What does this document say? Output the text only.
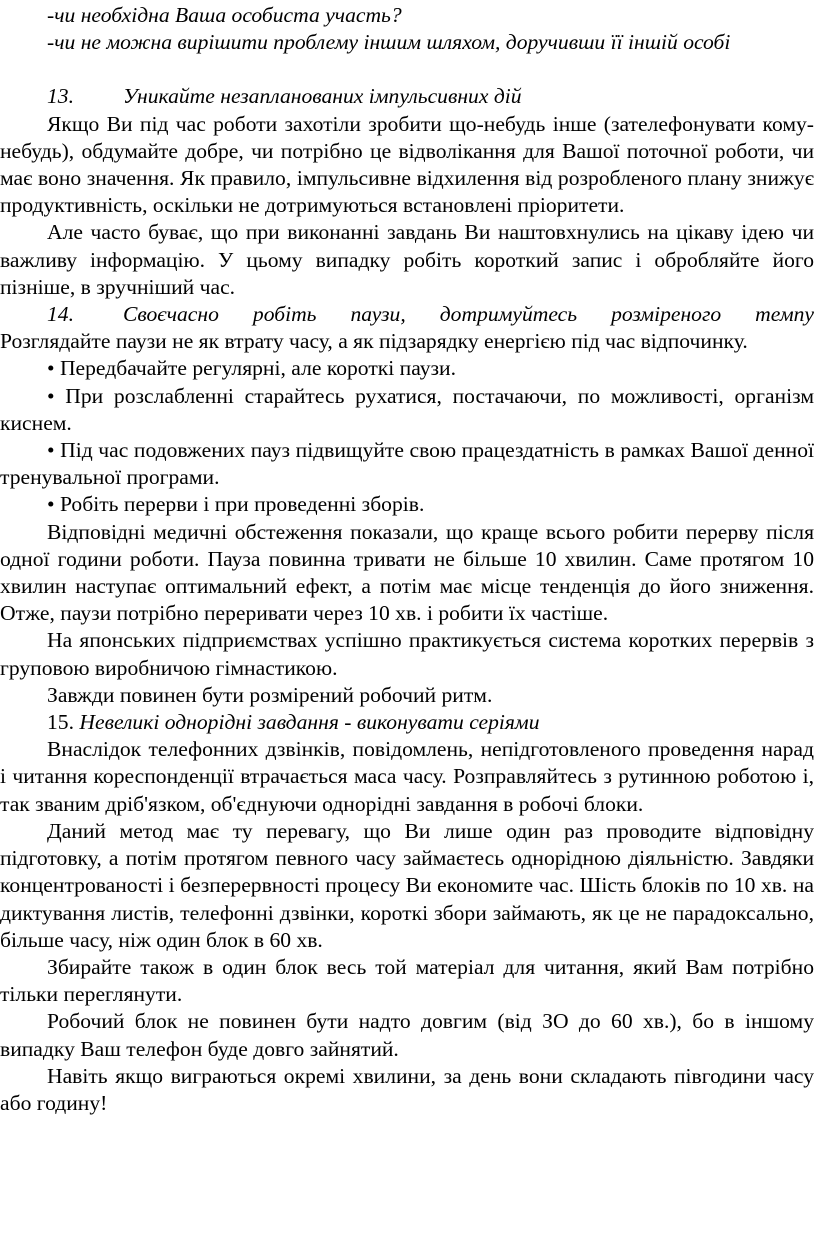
-чи необхідна Ваша особиста участь?

-чи не можна вирішити проблему іншим шляхом, доручивши її іншій особі

13. Уникайте незапланованих імпульсивних дій

Якщо Ви під час роботи захотіли зробити що-небудь інше (зателефонувати кому-небудь), обдумайте добре, чи потрібно це відволікання для Вашої поточної роботи, чи має воно значення. Як правило, імпульсивне відхилення від розробленого плану знижує продуктивність, оскільки не дотримуються встановлені пріоритети.

Але часто буває, що при виконанні завдань Ви наштовхнулись на цікаву ідею чи важливу інформацію. У цьому випадку робіть короткий запис і обробляйте його пізніше, в зручніший час.

14. Своєчасно робіть паузи, дотримуйтесь розміреного темпу

Розглядайте паузи не як втрату часу, а як підзарядку енергією під час відпочинку.

• Передбачайте регулярні, але короткі паузи.

• При розслабленні старайтесь рухатися, постачаючи, по можливості, організм киснем.

• Під час подовжених пауз підвищуйте свою працездатність в рамках Вашої денної тренувальної програми.

• Робіть перерви і при проведенні зборів.

Відповідні медичні обстеження показали, що краще всього робити перерву після одної години роботи. Пауза повинна тривати не більше 10 хвилин. Саме протягом 10 хвилин наступає оптимальний ефект, а потім має місце тенденція до його зниження. Отже, паузи потрібно переривати через 10 хв. і робити їх частіше.

На японських підприємствах успішно практикується система коротких перервів з груповою виробничою гімнастикою.

Завжди повинен бути розмірений робочий ритм.

15. Невеликі однорідні завдання - виконувати серіями

Внаслідок телефонних дзвінків, повідомлень, непідготовленого проведення нарад і читання кореспонденції втрачається маса часу. Розправляйтесь з рутинною роботою і, так званим дріб'язком, об'єднуючи однорідні завдання в робочі блоки.

Даний метод має ту перевагу, що Ви лише один раз проводите відповідну підготовку, а потім протягом певного часу займаєтесь однорідною діяльністю. Завдяки концентрованості і безперервності процесу Ви економите час. Шість блоків по 10 хв. на диктування листів, телефонні дзвінки, короткі збори займають, як це не парадоксально, більше часу, ніж один блок в 60 хв.

Збирайте також в один блок весь той матеріал для читання, який Вам потрібно тільки переглянути.

Робочий блок не повинен бути надто довгим (від ЗО до 60 хв.), бо в іншому випадку Ваш телефон буде довго зайнятий.

Навіть якщо виграються окремі хвилини, за день вони складають півгодини часу або годину!
